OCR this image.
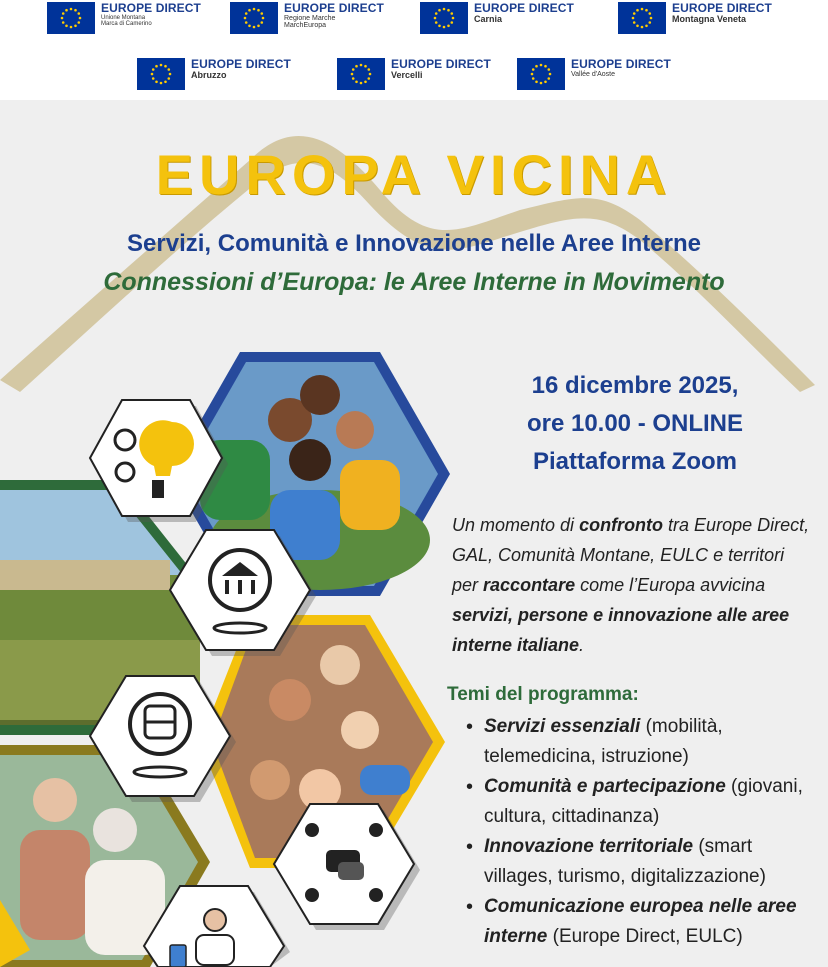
EUROPE DIRECT
Unione Montana
Marca di Camerino
EUROPE DIRECT
Regione Marche
MarchEuropa
EUROPE DIRECT
Carnia
EUROPE DIRECT
Montagna Veneta
EUROPE DIRECT
Abruzzo
EUROPE DIRECT
Vercelli
EUROPE DIRECT
Vallée d'Aoste
EUROPA VICINA
Servizi, Comunità e Innovazione nelle Aree Interne
Connessioni d’Europa: le Aree Interne in Movimento
16 dicembre 2025,
ore 10.00 - ONLINE
Piattaforma Zoom
Un momento di confronto tra Europe Direct, GAL, Comunità Montane, EULC e territori per raccontare come l’Europa avvicina servizi, persone e innovazione alle aree interne italiane.
Temi del programma:
• Servizi essenziali (mobilità, telemedicina, istruzione)
• Comunità e partecipazione (giovani, cultura, cittadinanza)
• Innovazione territoriale (smart villages, turismo, digitalizzazione)
• Comunicazione europea nelle aree interne (Europe Direct, EULC)
